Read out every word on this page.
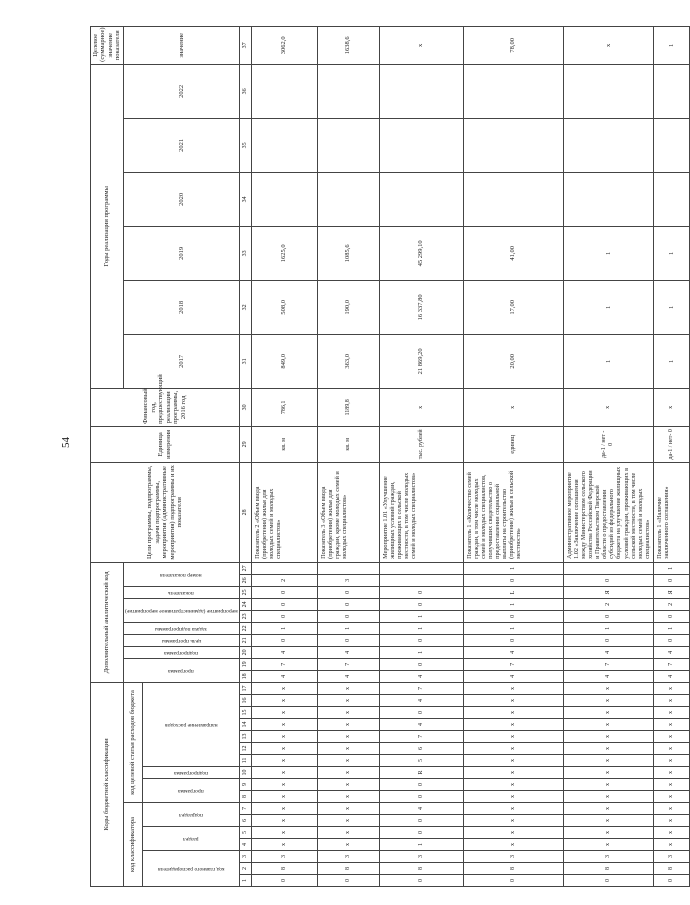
54
Коды бюджетной классификации																	Дополнительный аналитический код										Цели программы, подпрограммы, задачи подпрограммы, мероприятия (административные мероприятия) подпрограммы и их показатели	Единица измерения	Финансовый год, предшествующий реализации программы, 2016 год	Годы реализации программы						Целевое (суммарное) значение показателя
код классификатора							код целевой статьи расходов бюджета										программа		подпрограмма	цель программы	задача подпрограммы	мероприятие (административное мероприятие)		показатель	номер показателя					2017	2018	2019	2020	2021	2022	значение

код главного распорядителя			раздел		подраздел		программа		подпрограмма	направление расходов																										

1	2	3	4	5	6	7	8	9	10	11	12	13	14	15	16	17	18	19	20	21	22	23	24	25	26	27	28	29	30	31	32	33	34	35	36	37
0	8	3	x	x	x	x	x	x	x	x	x	x	x	x	x	x	4	7	4	0	1	0	0	0	2		Показатель 2 «Объем ввода (приобретения) жилья для молодых семей и молодых специалистов»	кв. м	786,1	849,0	508,0	1625,0				3062,0
0	8	3	x	x	x	x	x	x	x	x	x	x	x	x	x	x	4	7	4	0	1	0	0	0	3		Показатель 3 «Объем ввода (приобретения) жилья для граждан, кроме молодых семей и молодых специалистов»	кв. м	1189,8	363,0	190,0	1085,6				1638,6
0	8	3	1	0	0	4	0	0	R	5	6	7	4	0	4	7	4	0	1	0	1	1	0	0			Мероприятие 1.01 «Улучшение жилищных условий граждан, проживающих в сельской местности, в том числе молодых семей и молодых специалистов»	тыс. рублей	x	21 869,20	16 337,80	45 299,10				x
0	8	3	x	x	x	x	x	x	x	x	x	x	x	x	x	x	4	7	4	0	1	0	1	L	0	1	Показатель 1 «Количество семей граждан, в том числе молодых семей и молодых специалистов, получивших свидетельство о предоставлении социальной выплаты на строительство (приобретение) жилья в сельской местности»	единиц	x	20,00	17,00	41,00				78,00
0	8	3	x	x	x	x	x	x	x	x	x	x	x	x	x	x	4	7	4	0	1	0	2	Я	0		Административное мероприятие 1.02 «Заключение соглашения между Министерством сельского хозяйства Российской Федерации и Правительством Тверской области о предоставлении субсидий из федерального бюджета на улучшение жилищных условий граждан, проживающих в сельской местности, в том числе молодых семей и молодых специалистов»	да-1 / нет - 0	x	1	1	1				x
0	8	3	x	x	x	x	x	x	x	x	x	x	x	x	x	x	4	7	4	0	1	0	2	Я	0	1	Показатель 1 «Наличие заключенного соглашения»	да-1 / нет- 0	x	1	1	1				1
